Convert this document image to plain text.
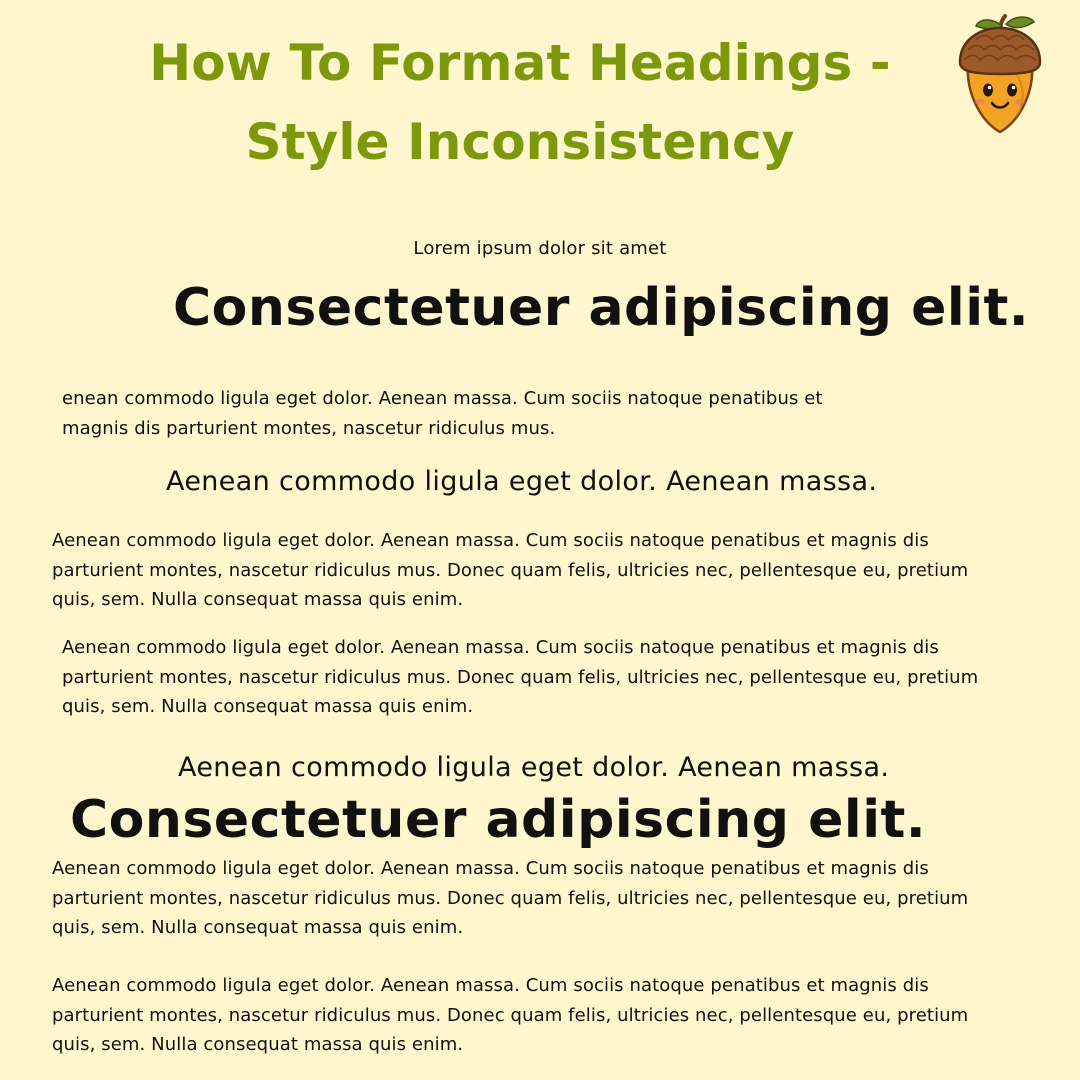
How To Format Headings -
Style Inconsistency
Lorem ipsum dolor sit amet
Consectetuer adipiscing elit.
enean commodo ligula eget dolor. Aenean massa. Cum sociis natoque penatibus et
magnis dis parturient montes, nascetur ridiculus mus.
Aenean commodo ligula eget dolor. Aenean massa.
Aenean commodo ligula eget dolor. Aenean massa. Cum sociis natoque penatibus et magnis dis
parturient montes, nascetur ridiculus mus. Donec quam felis, ultricies nec, pellentesque eu, pretium
quis, sem. Nulla consequat massa quis enim.
Aenean commodo ligula eget dolor. Aenean massa. Cum sociis natoque penatibus et magnis dis
parturient montes, nascetur ridiculus mus. Donec quam felis, ultricies nec, pellentesque eu, pretium
quis, sem. Nulla consequat massa quis enim.
Aenean commodo ligula eget dolor. Aenean massa.
Consectetuer adipiscing elit.
Aenean commodo ligula eget dolor. Aenean massa. Cum sociis natoque penatibus et magnis dis
parturient montes, nascetur ridiculus mus. Donec quam felis, ultricies nec, pellentesque eu, pretium
quis, sem. Nulla consequat massa quis enim.
Aenean commodo ligula eget dolor. Aenean massa. Cum sociis natoque penatibus et magnis dis
parturient montes, nascetur ridiculus mus. Donec quam felis, ultricies nec, pellentesque eu, pretium
quis, sem. Nulla consequat massa quis enim.
